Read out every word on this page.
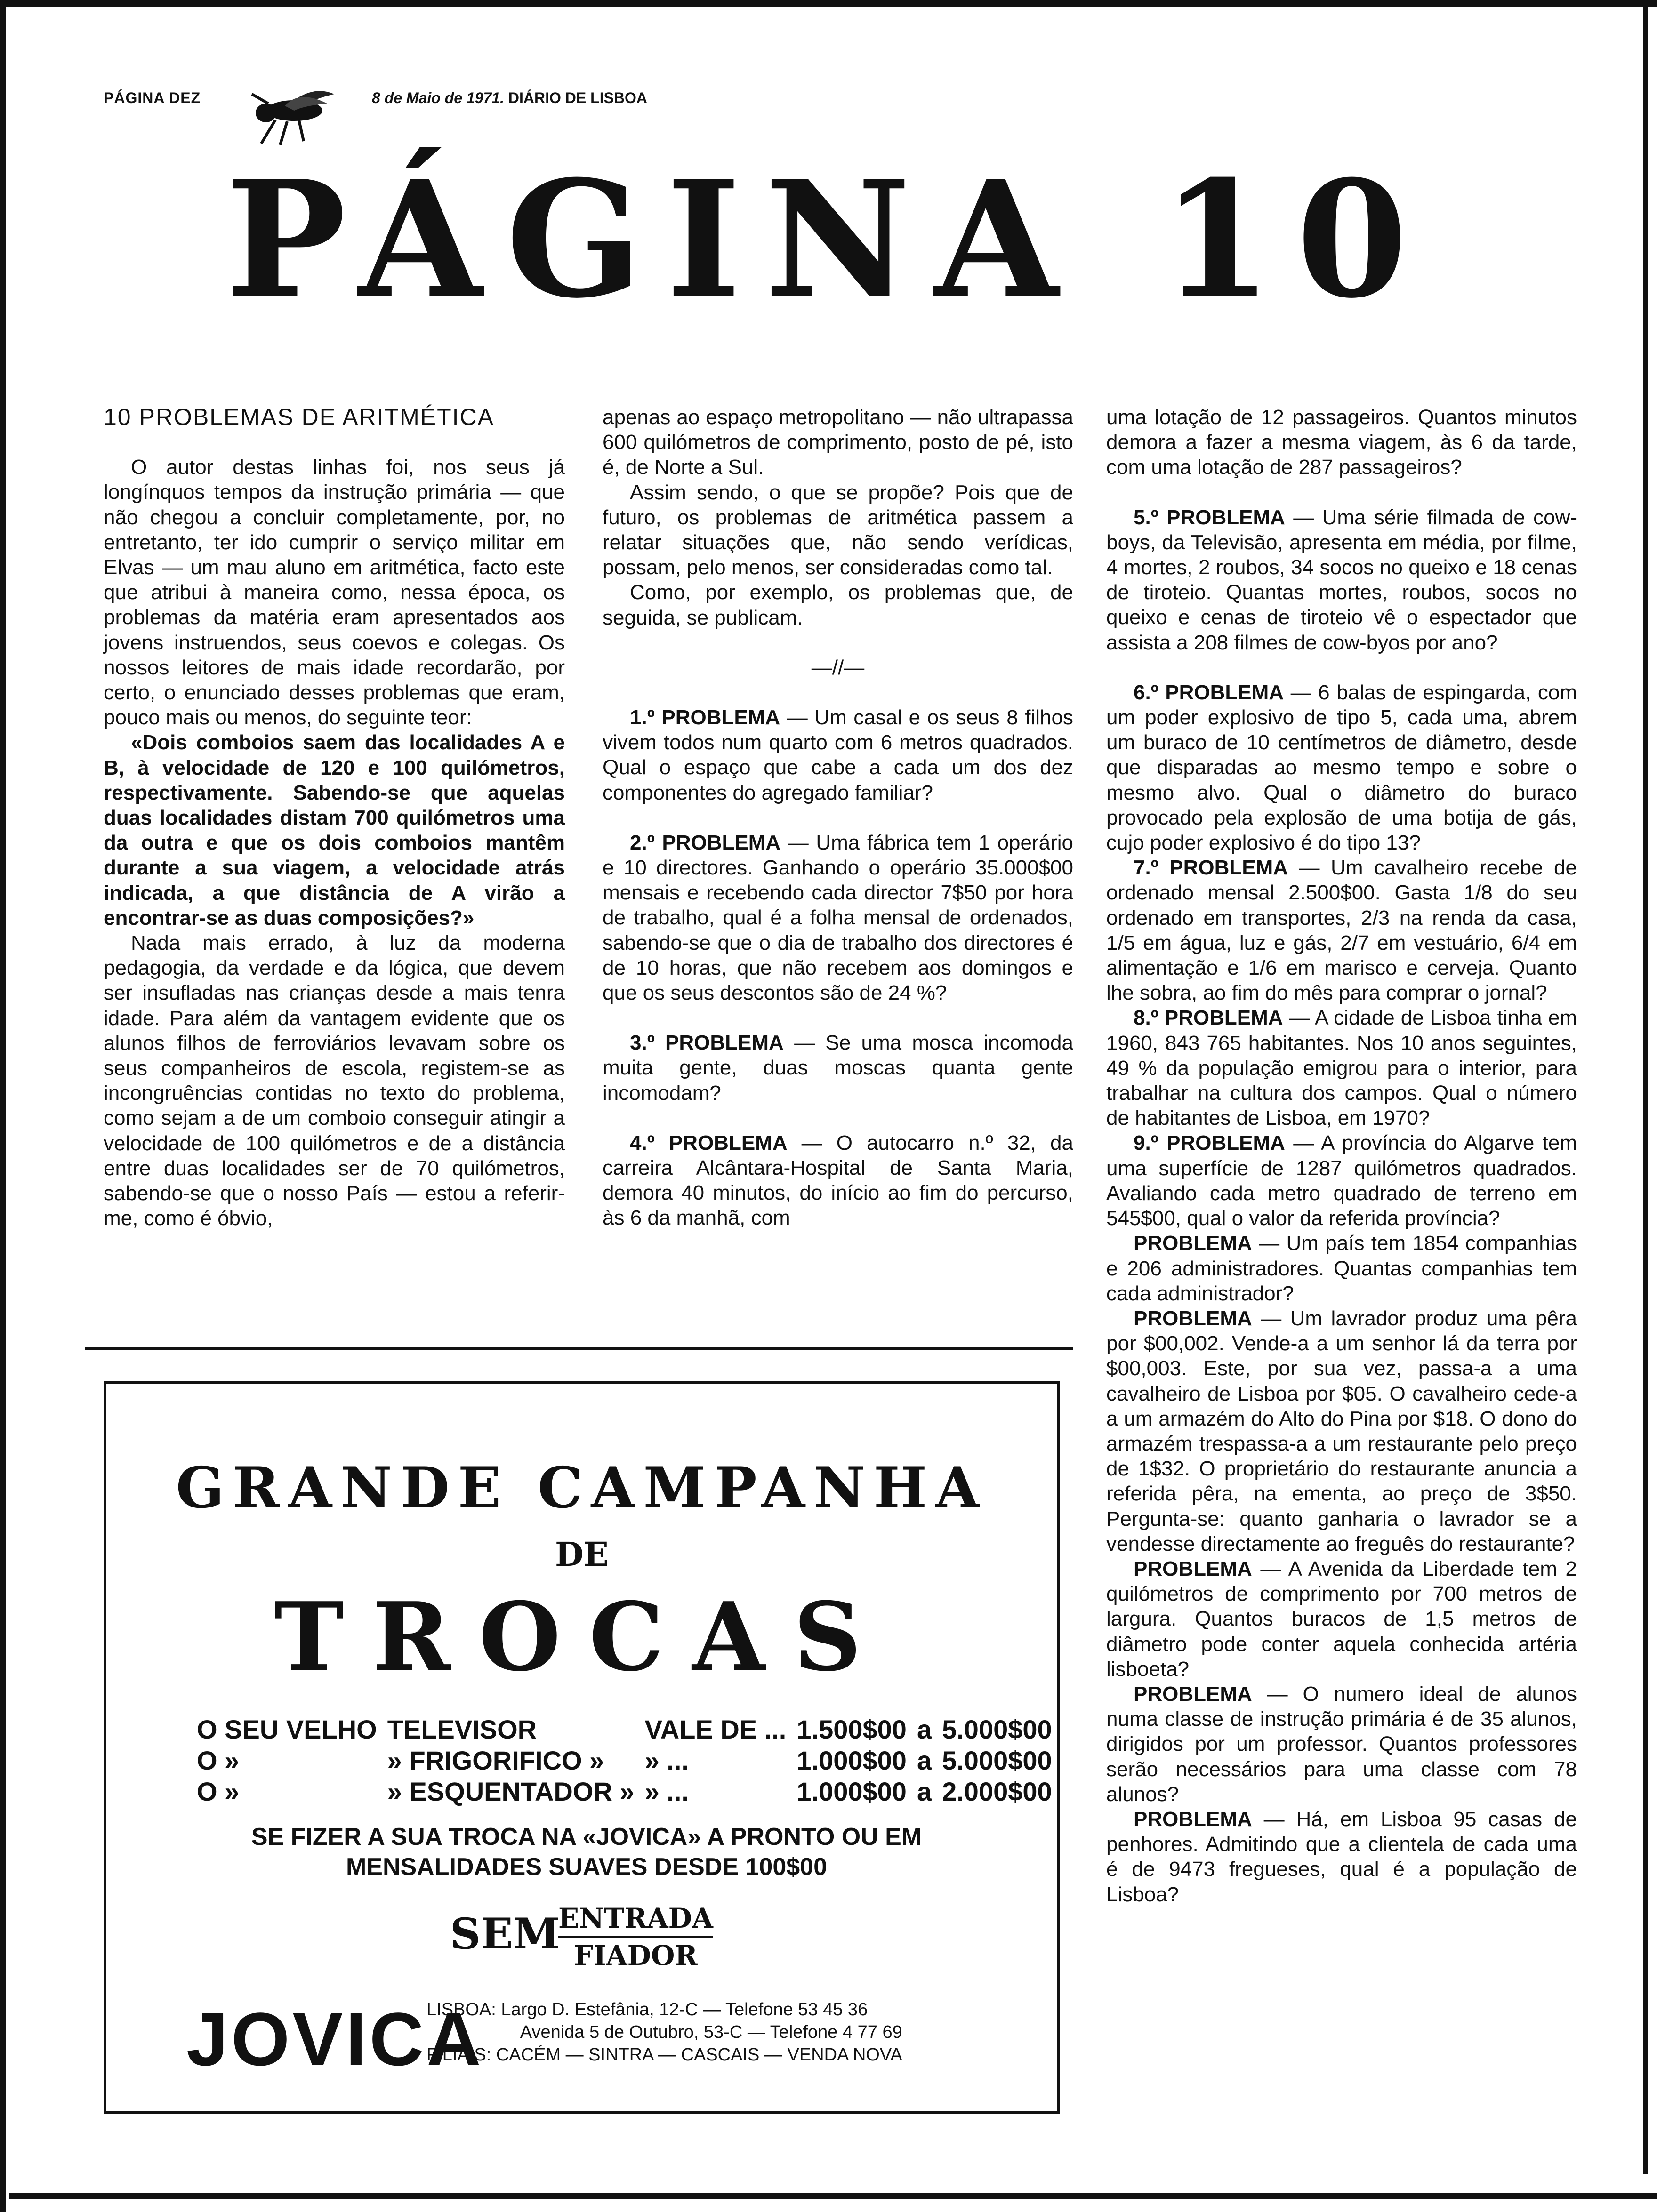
PÁGINA DEZ	8 de Maio de 1971. DIÁRIO DE LISBOA
PÁGINA 10

10 PROBLEMAS DE ARITMÉTICA

O autor destas linhas foi, nos seus já longínquos tempos da instrução primária — que não chegou a concluir completamente, por, no entretanto, ter ido cumprir o serviço militar em Elvas — um mau aluno em aritmética, facto este que atribui à maneira como, nessa época, os problemas da matéria eram apresentados aos jovens instruendos, seus coevos e colegas. Os nossos leitores de mais idade recordarão, por certo, o enunciado desses problemas que eram, pouco mais ou menos, do seguinte teor:

«Dois comboios saem das localidades A e B, à velocidade de 120 e 100 quilómetros, respectivamente. Sabendo-se que aquelas duas localidades distam 700 quilómetros uma da outra e que os dois comboios mantêm durante a sua viagem, a velocidade atrás indicada, a que distância de A virão a encontrar-se as duas composições?»

Nada mais errado, à luz da moderna pedagogia, da verdade e da lógica, que devem ser insufladas nas crianças desde a mais tenra idade. Para além da vantagem evidente que os alunos filhos de ferroviários levavam sobre os seus companheiros de escola, registem-se as incongruências contidas no texto do problema, como sejam a de um comboio conseguir atingir a velocidade de 100 quilómetros e de a distância entre duas localidades ser de 70 quilómetros, sabendo-se que o nosso País — estou a referir-me, como é óbvio,

apenas ao espaço metropolitano — não ultrapassa 600 quilómetros de comprimento, posto de pé, isto é, de Norte a Sul.

Assim sendo, o que se propõe? Pois que de futuro, os problemas de aritmética passem a relatar situações que, não sendo verídicas, possam, pelo menos, ser consideradas como tal.

Como, por exemplo, os problemas que, de seguida, se publicam.

—//—

1.º PROBLEMA — Um casal e os seus 8 filhos vivem todos num quarto com 6 metros quadrados. Qual o espaço que cabe a cada um dos dez componentes do agregado familiar?

2.º PROBLEMA — Uma fábrica tem 1 operário e 10 directores. Ganhando o operário 35.000$00 mensais e recebendo cada director 7$50 por hora de trabalho, qual é a folha mensal de ordenados, sabendo-se que o dia de trabalho dos directores é de 10 horas, que não recebem aos domingos e que os seus descontos são de 24 %?

3.º PROBLEMA — Se uma mosca incomoda muita gente, duas moscas quanta gente incomodam?

4.º PROBLEMA — O autocarro n.º 32, da carreira Alcântara-Hospital de Santa Maria, demora 40 minutos, do início ao fim do percurso, às 6 da manhã, com

uma lotação de 12 passageiros. Quantos minutos demora a fazer a mesma viagem, às 6 da tarde, com uma lotação de 287 passageiros?

5.º PROBLEMA — Uma série filmada de cow-boys, da Televisão, apresenta em média, por filme, 4 mortes, 2 roubos, 34 socos no queixo e 18 cenas de tiroteio. Quantas mortes, roubos, socos no queixo e cenas de tiroteio vê o espectador que assista a 208 filmes de cow-byos por ano?

6.º PROBLEMA — 6 balas de espingarda, com um poder explosivo de tipo 5, cada uma, abrem um buraco de 10 centímetros de diâmetro, desde que disparadas ao mesmo tempo e sobre o mesmo alvo. Qual o diâmetro do buraco provocado pela explosão de uma botija de gás, cujo poder explosivo é do tipo 13?

7.º PROBLEMA — Um cavalheiro recebe de ordenado mensal 2.500$00. Gasta 1/8 do seu ordenado em transportes, 2/3 na renda da casa, 1/5 em água, luz e gás, 2/7 em vestuário, 6/4 em alimentação e 1/6 em marisco e cerveja. Quanto lhe sobra, ao fim do mês para comprar o jornal?

8.º PROBLEMA — A cidade de Lisboa tinha em 1960, 843 765 habitantes. Nos 10 anos seguintes, 49 % da população emigrou para o interior, para trabalhar na cultura dos campos. Qual o número de habitantes de Lisboa, em 1970?

9.º PROBLEMA — A província do Algarve tem uma superfície de 1287 quilómetros quadrados. Avaliando cada metro quadrado de terreno em 545$00, qual o valor da referida província?

PROBLEMA — Um país tem 1854 companhias e 206 administradores. Quantas companhias tem cada administrador?

PROBLEMA — Um lavrador produz uma pêra por $00,002. Vende-a a um senhor lá da terra por $00,003. Este, por sua vez, passa-a a uma cavalheiro de Lisboa por $05. O cavalheiro cede-a a um armazém do Alto do Pina por $18. O dono do armazém trespassa-a a um restaurante pelo preço de 1$32. O proprietário do restaurante anuncia a referida pêra, na ementa, ao preço de 3$50. Pergunta-se: quanto ganharia o lavrador se a vendesse directamente ao freguês do restaurante?

PROBLEMA — A Avenida da Liberdade tem 2 quilómetros de comprimento por 700 metros de largura. Quantos buracos de 1,5 metros de diâmetro pode conter aquela conhecida artéria lisboeta?

PROBLEMA — O numero ideal de alunos numa classe de instrução primária é de 35 alunos, dirigidos por um professor. Quantos professores serão necessários para uma classe com 78 alunos?

PROBLEMA — Há, em Lisboa 95 casas de penhores. Admitindo que a clientela de cada uma é de 9473 fregueses, qual é a população de Lisboa?

GRANDE CAMPANHA
DE
TROCAS
O SEU VELHO	TELEVISOR	VALE DE ...	1.500$00	a	5.000$00
O »	» FRIGORIFICO »	» ...	1.000$00	a	5.000$00
O »	» ESQUENTADOR »	» ...	1.000$00	a	2.000$00
SE FIZER A SUA TROCA NA «JOVICA» A PRONTO OU EM MENSALIDADES SUAVES DESDE 100$00
SEM
ENTRADA
FIADOR
JOVICA
LISBOA: Largo D. Estefânia, 12-C — Telefone 53 45 36
Avenida 5 de Outubro, 53-C — Telefone 4 77 69
FILIAIS: CACÉM — SINTRA — CASCAIS — VENDA NOVA
